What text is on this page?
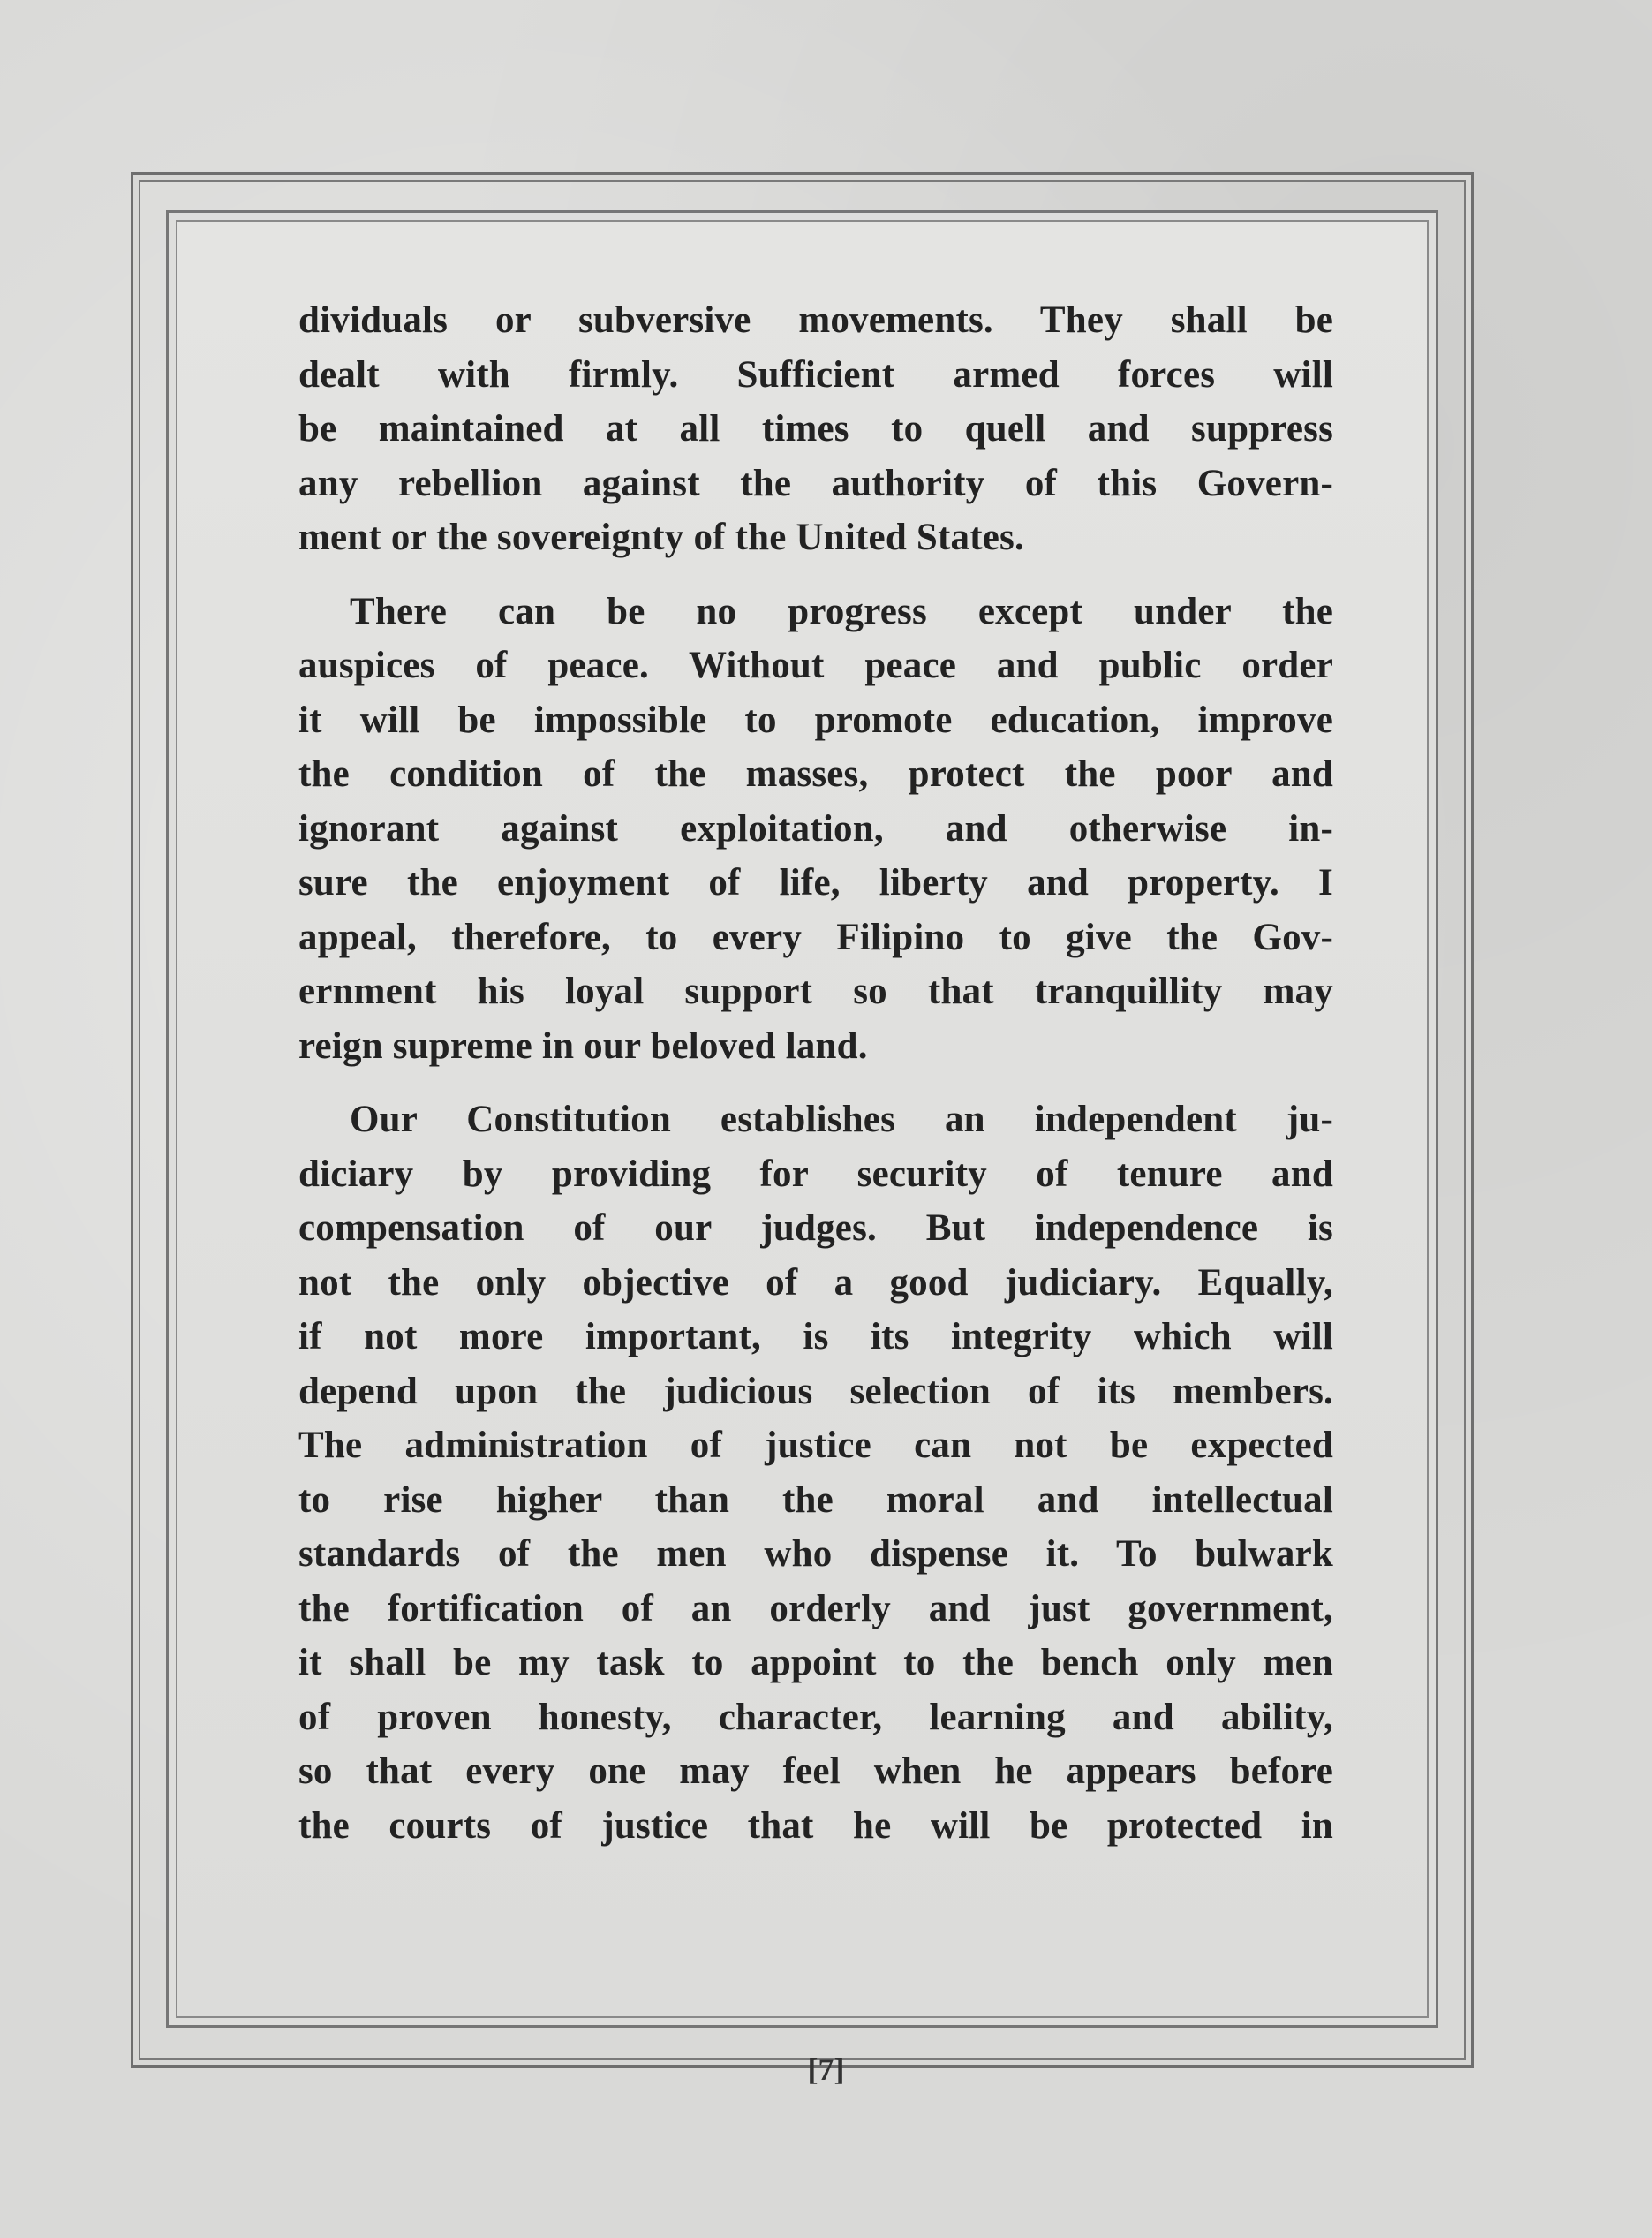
dividuals or subversive movements. They shall be
dealt with firmly. Sufficient armed forces will
be maintained at all times to quell and suppress
any rebellion against the authority of this Govern-
ment or the sovereignty of the United States.
There can be no progress except under the
auspices of peace. Without peace and public order
it will be impossible to promote education, improve
the condition of the masses, protect the poor and
ignorant against exploitation, and otherwise in-
sure the enjoyment of life, liberty and property. I
appeal, therefore, to every Filipino to give the Gov-
ernment his loyal support so that tranquillity may
reign supreme in our beloved land.
Our Constitution establishes an independent ju-
diciary by providing for security of tenure and
compensation of our judges. But independence is
not the only objective of a good judiciary. Equally,
if not more important, is its integrity which will
depend upon the judicious selection of its members.
The administration of justice can not be expected
to rise higher than the moral and intellectual
standards of the men who dispense it. To bulwark
the fortification of an orderly and just government,
it shall be my task to appoint to the bench only men
of proven honesty, character, learning and ability,
so that every one may feel when he appears before
the courts of justice that he will be protected in
[7]
